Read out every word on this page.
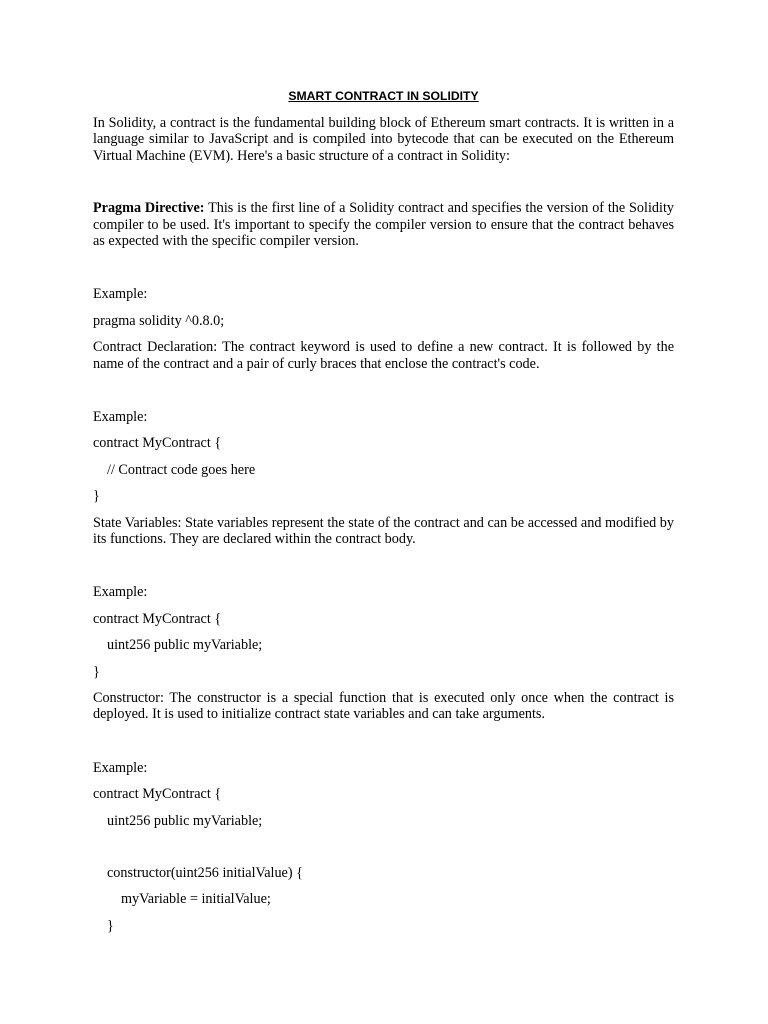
SMART CONTRACT IN SOLIDITY

In Solidity, a contract is the fundamental building block of Ethereum smart contracts. It is written in a language similar to JavaScript and is compiled into bytecode that can be executed on the Ethereum Virtual Machine (EVM). Here's a basic structure of a contract in Solidity:

Pragma Directive: This is the first line of a Solidity contract and specifies the version of the Solidity compiler to be used. It's important to specify the compiler version to ensure that the contract behaves as expected with the specific compiler version.

Example:

pragma solidity ^0.8.0;

Contract Declaration: The contract keyword is used to define a new contract. It is followed by the name of the contract and a pair of curly braces that enclose the contract's code.

Example:

contract MyContract {

// Contract code goes here

}

State Variables: State variables represent the state of the contract and can be accessed and modified by its functions. They are declared within the contract body.

Example:

contract MyContract {

uint256 public myVariable;

}

Constructor: The constructor is a special function that is executed only once when the contract is deployed. It is used to initialize contract state variables and can take arguments.

Example:

contract MyContract {

uint256 public myVariable;

constructor(uint256 initialValue) {

myVariable = initialValue;

}
